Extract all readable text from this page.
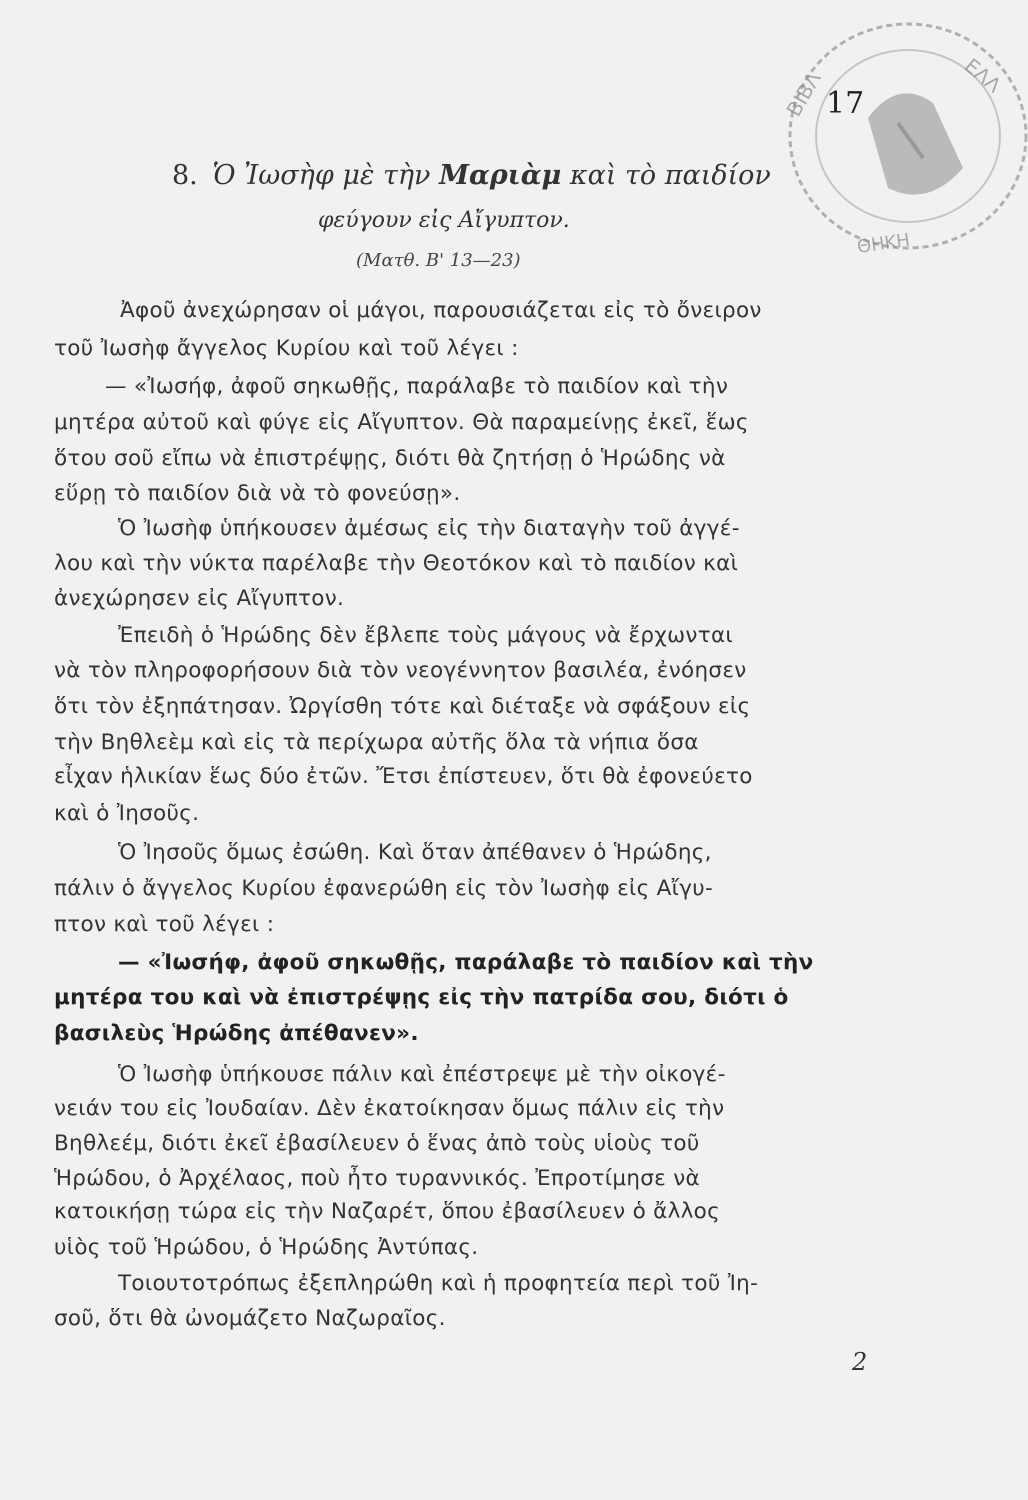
ΒΙΒΛ	ΕΛΛ
ΘΗΚΗ
17
8. Ὁ Ἰωσὴφ μὲ τὴν Μαριὰμ καὶ τὸ παιδίον
φεύγουν εἰς Αἴγυπτον.
(Ματθ. Β' 13—23)
Ἀφοῦ ἀνεχώρησαν οἱ μάγοι, παρουσιάζεται εἰς τὸ ὄνειρον
τοῦ Ἰωσὴφ ἄγγελος Κυρίου καὶ τοῦ λέγει :
— «Ἰωσήφ, ἀφοῦ σηκωθῇς, παράλαβε τὸ παιδίον καὶ τὴν
μητέρα αὐτοῦ καὶ φύγε εἰς Αἴγυπτον. Θὰ παραμείνῃς ἐκεῖ, ἕως
ὅτου σοῦ εἴπω νὰ ἐπιστρέψῃς, διότι θὰ ζητήσῃ ὁ Ἡρώδης νὰ
εὕρῃ τὸ παιδίον διὰ νὰ τὸ φονεύσῃ».
Ὁ Ἰωσὴφ ὑπήκουσεν ἀμέσως εἰς τὴν διαταγὴν τοῦ ἀγγέ-
λου καὶ τὴν νύκτα παρέλαβε τὴν Θεοτόκον καὶ τὸ παιδίον καὶ
ἀνεχώρησεν εἰς Αἴγυπτον.
Ἐπειδὴ ὁ Ἡρώδης δὲν ἔβλεπε τοὺς μάγους νὰ ἔρχωνται
νὰ τὸν πληροφορήσουν διὰ τὸν νεογέννητον βασιλέα, ἐνόησεν
ὅτι τὸν ἐξηπάτησαν. Ὠργίσθη τότε καὶ διέταξε νὰ σφάξουν εἰς
τὴν Βηθλεὲμ καὶ εἰς τὰ περίχωρα αὐτῆς ὅλα τὰ νήπια ὅσα
εἶχαν ἡλικίαν ἕως δύο ἐτῶν. Ἔτσι ἐπίστευεν, ὅτι θὰ ἐφονεύετο
καὶ ὁ Ἰησοῦς.
Ὁ Ἰησοῦς ὅμως ἐσώθη. Καὶ ὅταν ἀπέθανεν ὁ Ἡρώδης,
πάλιν ὁ ἄγγελος Κυρίου ἐφανερώθη εἰς τὸν Ἰωσὴφ εἰς Αἴγυ-
πτον καὶ τοῦ λέγει :
— «Ἰωσήφ, ἀφοῦ σηκωθῇς, παράλαβε τὸ παιδίον καὶ τὴν
μητέρα του καὶ νὰ ἐπιστρέψῃς εἰς τὴν πατρίδα σου, διότι ὁ
βασιλεὺς Ἡρώδης ἀπέθανεν».
Ὁ Ἰωσὴφ ὑπήκουσε πάλιν καὶ ἐπέστρεψε μὲ τὴν οἰκογέ-
νειάν του εἰς Ἰουδαίαν. Δὲν ἐκατοίκησαν ὅμως πάλιν εἰς τὴν
Βηθλεέμ, διότι ἐκεῖ ἐβασίλευεν ὁ ἕνας ἀπὸ τοὺς υἱοὺς τοῦ
Ἡρώδου, ὁ Ἀρχέλαος, ποὺ ἦτο τυραννικός. Ἐπροτίμησε νὰ
κατοικήσῃ τώρα εἰς τὴν Ναζαρέτ, ὅπου ἐβασίλευεν ὁ ἄλλος
υἱὸς τοῦ Ἡρώδου, ὁ Ἡρώδης Ἀντύπας.
Τοιουτοτρόπως ἐξεπληρώθη καὶ ἡ προφητεία περὶ τοῦ Ἰη-
σοῦ, ὅτι θὰ ὠνομάζετο Ναζωραῖος.
2
